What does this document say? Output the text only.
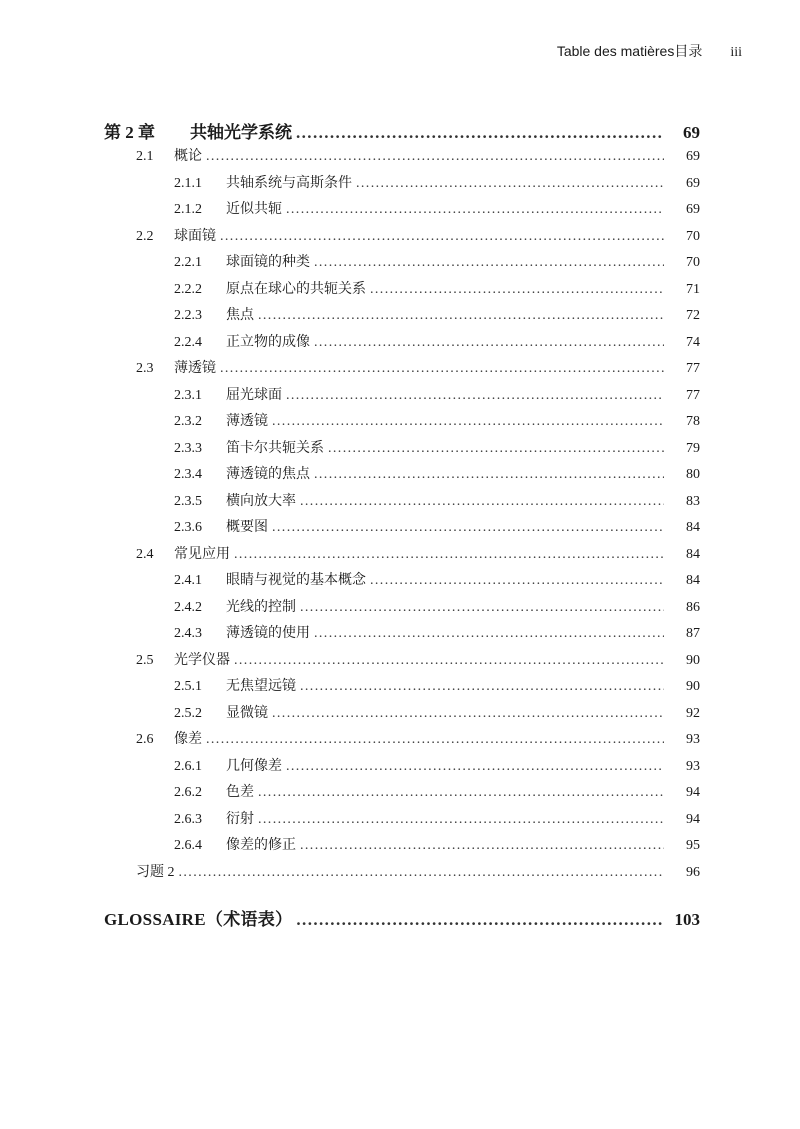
Table des matières目录 iii
第 2 章	共轴光学系统 .....	69
2.1	概论 .....	69
2.1.1	共轴系统与高斯条件 .....	69
2.1.2	近似共轭 .....	69
2.2	球面镜 .....	70
2.2.1	球面镜的种类 .....	70
2.2.2	原点在球心的共轭关系 .....	71
2.2.3	焦点 .....	72
2.2.4	正立物的成像 .....	74
2.3	薄透镜 .....	77
2.3.1	屈光球面 .....	77
2.3.2	薄透镜 .....	78
2.3.3	笛卡尔共轭关系 .....	79
2.3.4	薄透镜的焦点 .....	80
2.3.5	横向放大率 .....	83
2.3.6	概要图 .....	84
2.4	常见应用 .....	84
2.4.1	眼睛与视觉的基本概念 .....	84
2.4.2	光线的控制 .....	86
2.4.3	薄透镜的使用 .....	87
2.5	光学仪器 .....	90
2.5.1	无焦望远镜 .....	90
2.5.2	显微镜 .....	92
2.6	像差 .....	93
2.6.1	几何像差 .....	93
2.6.2	色差 .....	94
2.6.3	衍射 .....	94
2.6.4	像差的修正 .....	95
习题 2 .....	96
GLOSSAIRE（术语表） .....	103
